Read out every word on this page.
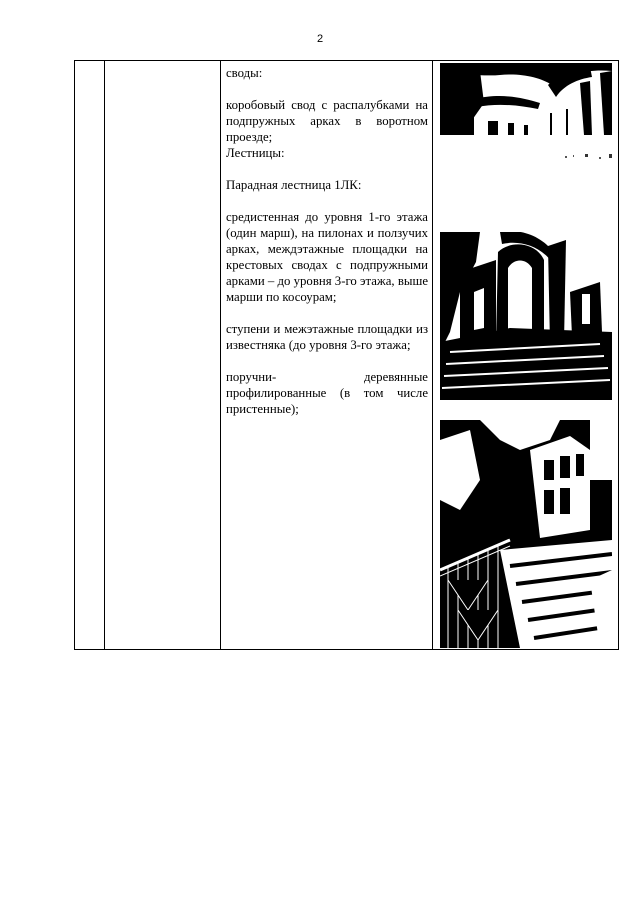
2

своды:

коробовый свод с распалубками на подпружных арках в воротном проезде;

Лестницы:

Парадная лестница 1ЛК:

средистенная до уровня 1-го этажа (один марш), на пилонах и ползучих арках, междэтажные площадки на крестовых сводах с подпружными арками – до уровня 3-го этажа, выше марши по косоурам;

ступени и межэтажные площадки из известняка (до уровня 3-го этажа;

поручни- деревянные профилированные (в том числе пристенные);
